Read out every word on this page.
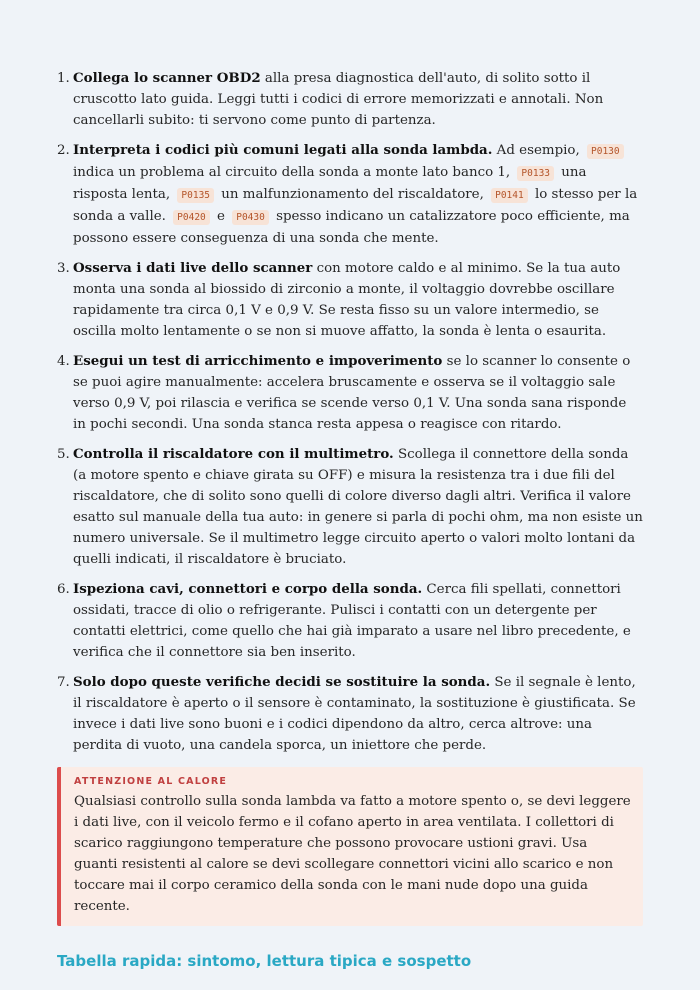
1. Collega lo scanner OBD2 alla presa diagnostica dell'auto, di solito sotto il cruscotto lato guida. Leggi tutti i codici di errore memorizzati e annotali. Non cancellarli subito: ti servono come punto di partenza.
2. Interpreta i codici più comuni legati alla sonda lambda. Ad esempio, P0130 indica un problema al circuito della sonda a monte lato banco 1, P0133 una risposta lenta, P0135 un malfunzionamento del riscaldatore, P0141 lo stesso per la sonda a valle. P0420 e P0430 spesso indicano un catalizzatore poco efficiente, ma possono essere conseguenza di una sonda che mente.
3. Osserva i dati live dello scanner con motore caldo e al minimo. Se la tua auto monta una sonda al biossido di zirconio a monte, il voltaggio dovrebbe oscillare rapidamente tra circa 0,1 V e 0,9 V. Se resta fisso su un valore intermedio, se oscilla molto lentamente o se non si muove affatto, la sonda è lenta o esaurita.
4. Esegui un test di arricchimento e impoverimento se lo scanner lo consente o se puoi agire manualmente: accelera bruscamente e osserva se il voltaggio sale verso 0,9 V, poi rilascia e verifica se scende verso 0,1 V. Una sonda sana risponde in pochi secondi. Una sonda stanca resta appesa o reagisce con ritardo.
5. Controlla il riscaldatore con il multimetro. Scollega il connettore della sonda (a motore spento e chiave girata su OFF) e misura la resistenza tra i due fili del riscaldatore, che di solito sono quelli di colore diverso dagli altri. Verifica il valore esatto sul manuale della tua auto: in genere si parla di pochi ohm, ma non esiste un numero universale. Se il multimetro legge circuito aperto o valori molto lontani da quelli indicati, il riscaldatore è bruciato.
6. Ispeziona cavi, connettori e corpo della sonda. Cerca fili spellati, connettori ossidati, tracce di olio o refrigerante. Pulisci i contatti con un detergente per contatti elettrici, come quello che hai già imparato a usare nel libro precedente, e verifica che il connettore sia ben inserito.
7. Solo dopo queste verifiche decidi se sostituire la sonda. Se il segnale è lento, il riscaldatore è aperto o il sensore è contaminato, la sostituzione è giustificata. Se invece i dati live sono buoni e i codici dipendono da altro, cerca altrove: una perdita di vuoto, una candela sporca, un iniettore che perde.
ATTENZIONE AL CALORE
Qualsiasi controllo sulla sonda lambda va fatto a motore spento o, se devi leggere i dati live, con il veicolo fermo e il cofano aperto in area ventilata. I collettori di scarico raggiungono temperature che possono provocare ustioni gravi. Usa guanti resistenti al calore se devi scollegare connettori vicini allo scarico e non toccare mai il corpo ceramico della sonda con le mani nude dopo una guida recente.
Tabella rapida: sintomo, lettura tipica e sospetto
